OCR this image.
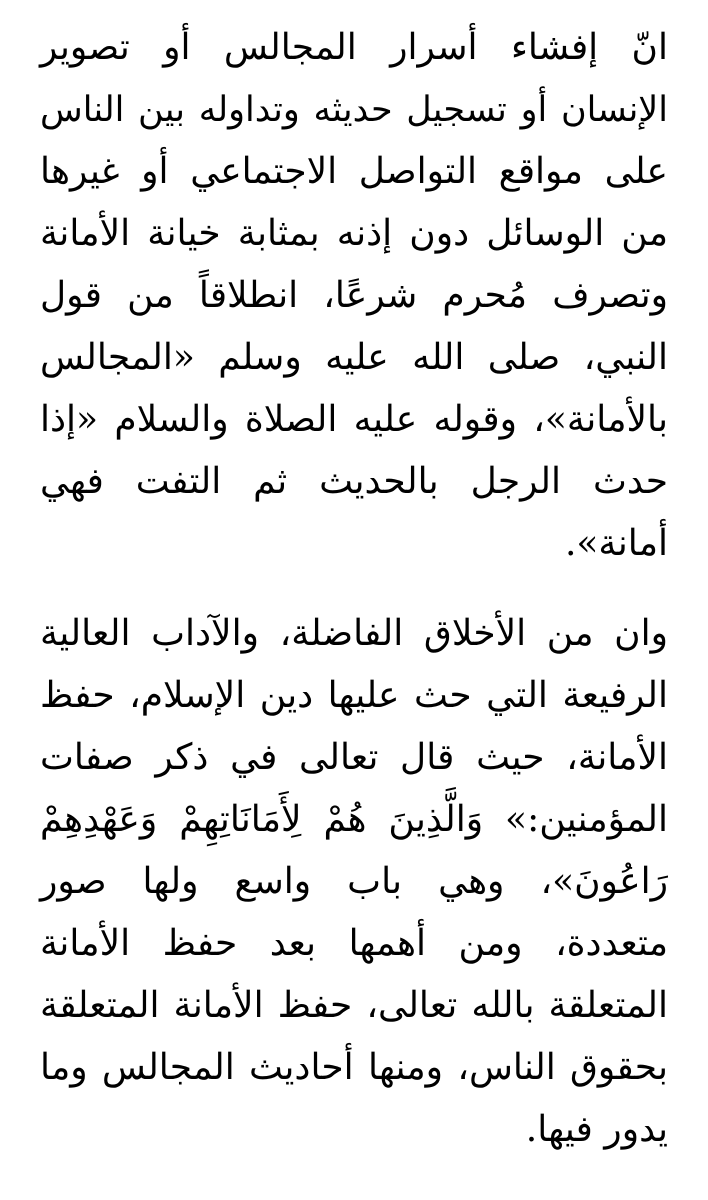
انّ إفشاء أسرار المجالس أو تصوير
الإنسان أو تسجيل حديثه وتداوله بين الناس
على مواقع التواصل الاجتماعي أو غيرها
من الوسائل دون إذنه بمثابة خيانة الأمانة
وتصرف مُحرم شرعًا، انطلاقاً من قول
النبي، صلى الله عليه وسلم «المجالس
بالأمانة»، وقوله عليه الصلاة والسلام «إذا
حدث الرجل بالحديث ثم التفت فهي
أمانة».
وان من الأخلاق الفاضلة، والآداب العالية
الرفيعة التي حث عليها دين الإسلام، حفظ
الأمانة، حيث قال تعالى في ذكر صفات
المؤمنين:» وَالَّذِينَ هُمْ لِأَمَانَاتِهِمْ وَعَهْدِهِمْ
رَاعُونَ»، وهي باب واسع ولها صور
متعددة، ومن أهمها بعد حفظ الأمانة
المتعلقة بالله تعالى، حفظ الأمانة المتعلقة
بحقوق الناس، ومنها أحاديث المجالس وما
يدور فيها.
